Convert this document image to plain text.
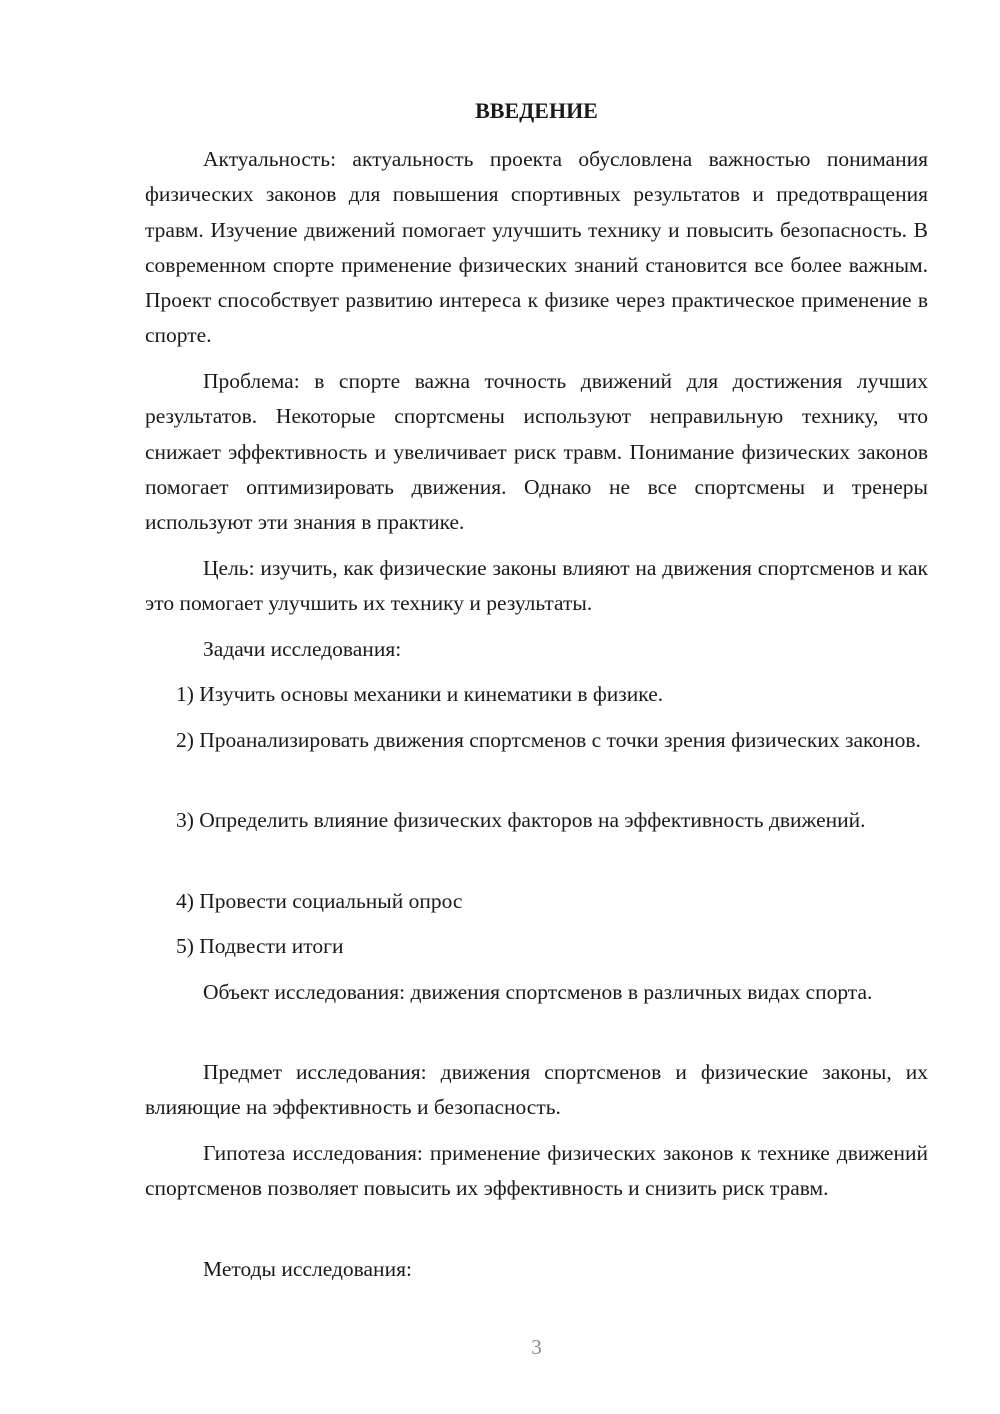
ВВЕДЕНИЕ

Актуальность: актуальность проекта обусловлена важностью понимания физических законов для повышения спортивных результатов и предотвращения травм. Изучение движений помогает улучшить технику и повысить безопасность. В современном спорте применение физических знаний становится все более важным. Проект способствует развитию интереса к физике через практическое применение в спорте.

Проблема: в спорте важна точность движений для достижения лучших результатов. Некоторые спортсмены используют неправильную технику, что снижает эффективность и увеличивает риск травм. Понимание физических законов помогает оптимизировать движения. Однако не все спортсмены и тренеры используют эти знания в практике.

Цель: изучить, как физические законы влияют на движения спортсменов и как это помогает улучшить их технику и результаты.

Задачи исследования:

1) Изучить основы механики и кинематики в физике.

2) Проанализировать движения спортсменов с точки зрения физических законов.

3) Определить влияние физических факторов на эффективность движений.

4) Провести социальный опрос

5) Подвести итоги

Объект исследования: движения спортсменов в различных видах спорта.

Предмет исследования: движения спортсменов и физические законы, их влияющие на эффективность и безопасность.

Гипотеза исследования: применение физических законов к технике движений спортсменов позволяет повысить их эффективность и снизить риск травм.

Методы исследования:

3
